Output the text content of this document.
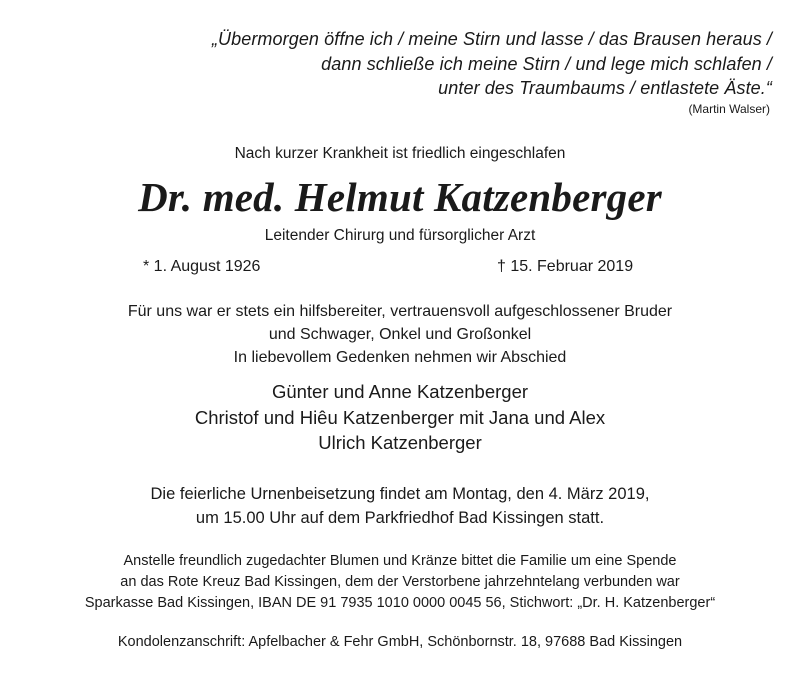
„Übermorgen öffne ich / meine Stirn und lasse / das Brausen heraus /
dann schließe ich meine Stirn / und lege mich schlafen /
unter des Traumbaums / entlastete Äste.“
(Martin Walser)
Nach kurzer Krankheit ist friedlich eingeschlafen
Dr. med. Helmut Katzenberger
Leitender Chirurg und fürsorglicher Arzt
* 1. August 1926	† 15. Februar 2019
Für uns war er stets ein hilfsbereiter, vertrauensvoll aufgeschlossener Bruder
und Schwager, Onkel und Großonkel
In liebevollem Gedenken nehmen wir Abschied
Günter und Anne Katzenberger
Christof und Hiêu Katzenberger mit Jana und Alex
Ulrich Katzenberger
Die feierliche Urnenbeisetzung findet am Montag, den 4. März 2019,
um 15.00 Uhr auf dem Parkfriedhof Bad Kissingen statt.
Anstelle freundlich zugedachter Blumen und Kränze bittet die Familie um eine Spende
an das Rote Kreuz Bad Kissingen, dem der Verstorbene jahrzehntelang verbunden war
Sparkasse Bad Kissingen, IBAN DE 91 7935 1010 0000 0045 56, Stichwort: „Dr. H. Katzenberger“
Kondolenzanschrift: Apfelbacher & Fehr GmbH, Schönbornstr. 18, 97688 Bad Kissingen
